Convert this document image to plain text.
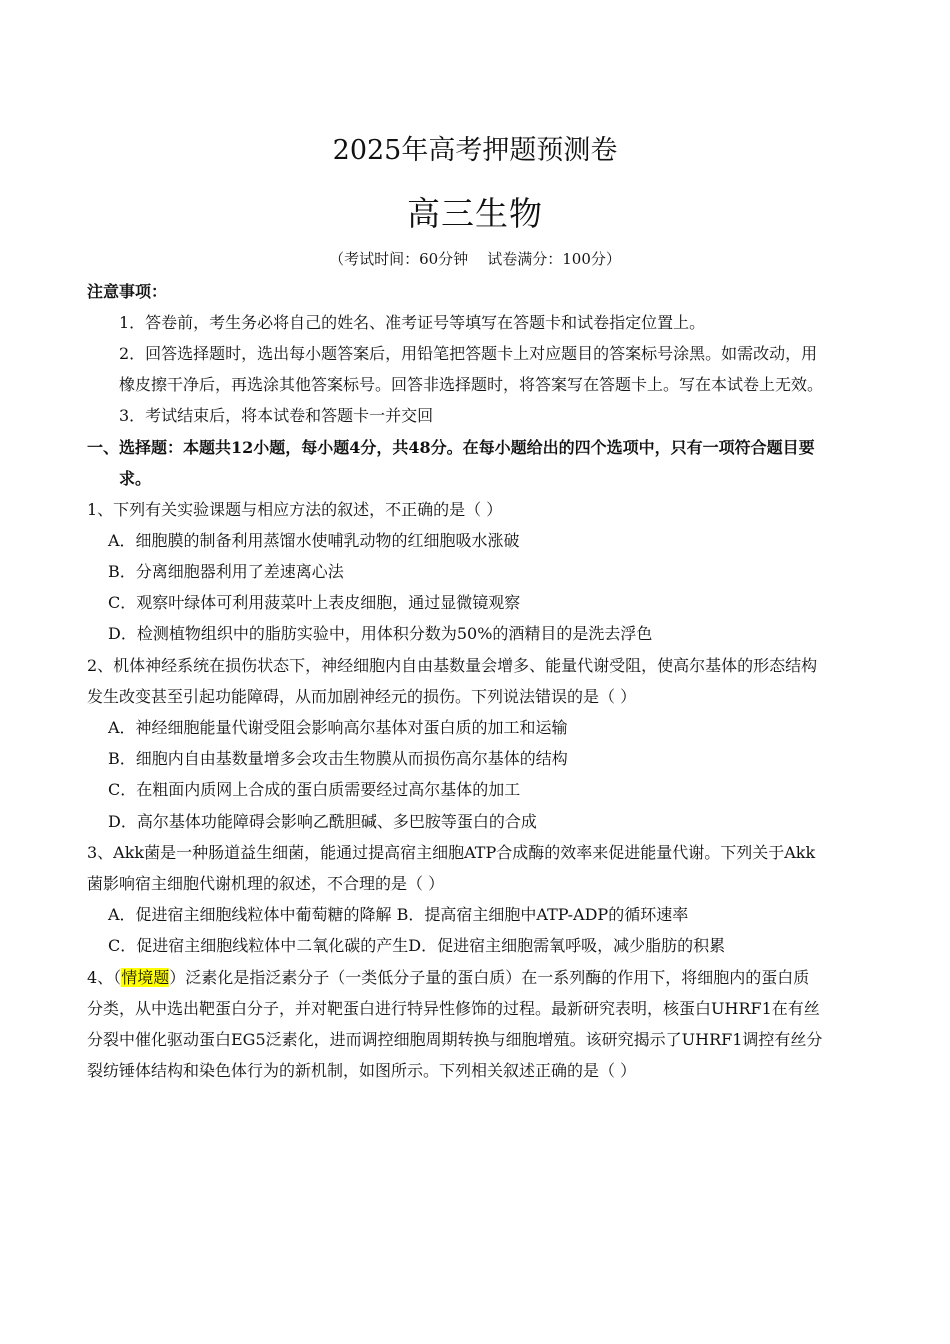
2025年高考押题预测卷
高三生物
（考试时间：60分钟    试卷满分：100分）
注意事项：
1．答卷前，考生务必将自己的姓名、准考证号等填写在答题卡和试卷指定位置上。
2．回答选择题时，选出每小题答案后，用铅笔把答题卡上对应题目的答案标号涂黑。如需改动，用
橡皮擦干净后，再选涂其他答案标号。回答非选择题时，将答案写在答题卡上。写在本试卷上无效。
3．考试结束后，将本试卷和答题卡一并交回
一、选择题：本题共12小题，每小题4分，共48分。在每小题给出的四个选项中，只有一项符合题目要
求。
1、下列有关实验课题与相应方法的叙述，不正确的是（ ）
A．细胞膜的制备利用蒸馏水使哺乳动物的红细胞吸水涨破
B．分离细胞器利用了差速离心法
C．观察叶绿体可利用菠菜叶上表皮细胞，通过显微镜观察
D．检测植物组织中的脂肪实验中，用体积分数为50%的酒精目的是洗去浮色
2、机体神经系统在损伤状态下，神经细胞内自由基数量会增多、能量代谢受阻，使高尔基体的形态结构
发生改变甚至引起功能障碍，从而加剧神经元的损伤。下列说法错误的是（ ）
A．神经细胞能量代谢受阻会影响高尔基体对蛋白质的加工和运输
B．细胞内自由基数量增多会攻击生物膜从而损伤高尔基体的结构
C．在粗面内质网上合成的蛋白质需要经过高尔基体的加工
D．高尔基体功能障碍会影响乙酰胆碱、多巴胺等蛋白的合成
3、Akk菌是一种肠道益生细菌，能通过提高宿主细胞ATP合成酶的效率来促进能量代谢。下列关于Akk
菌影响宿主细胞代谢机理的叙述，不合理的是（ ）
A．促进宿主细胞线粒体中葡萄糖的降解 B．提高宿主细胞中ATP-ADP的循环速率
C．促进宿主细胞线粒体中二氧化碳的产生D．促进宿主细胞需氧呼吸，减少脂肪的积累
4、（情境题）泛素化是指泛素分子（一类低分子量的蛋白质）在一系列酶的作用下，将细胞内的蛋白质
分类，从中选出靶蛋白分子，并对靶蛋白进行特异性修饰的过程。最新研究表明，核蛋白UHRF1在有丝
分裂中催化驱动蛋白EG5泛素化，进而调控细胞周期转换与细胞增殖。该研究揭示了UHRF1调控有丝分
裂纺锤体结构和染色体行为的新机制，如图所示。下列相关叙述正确的是（ ）
